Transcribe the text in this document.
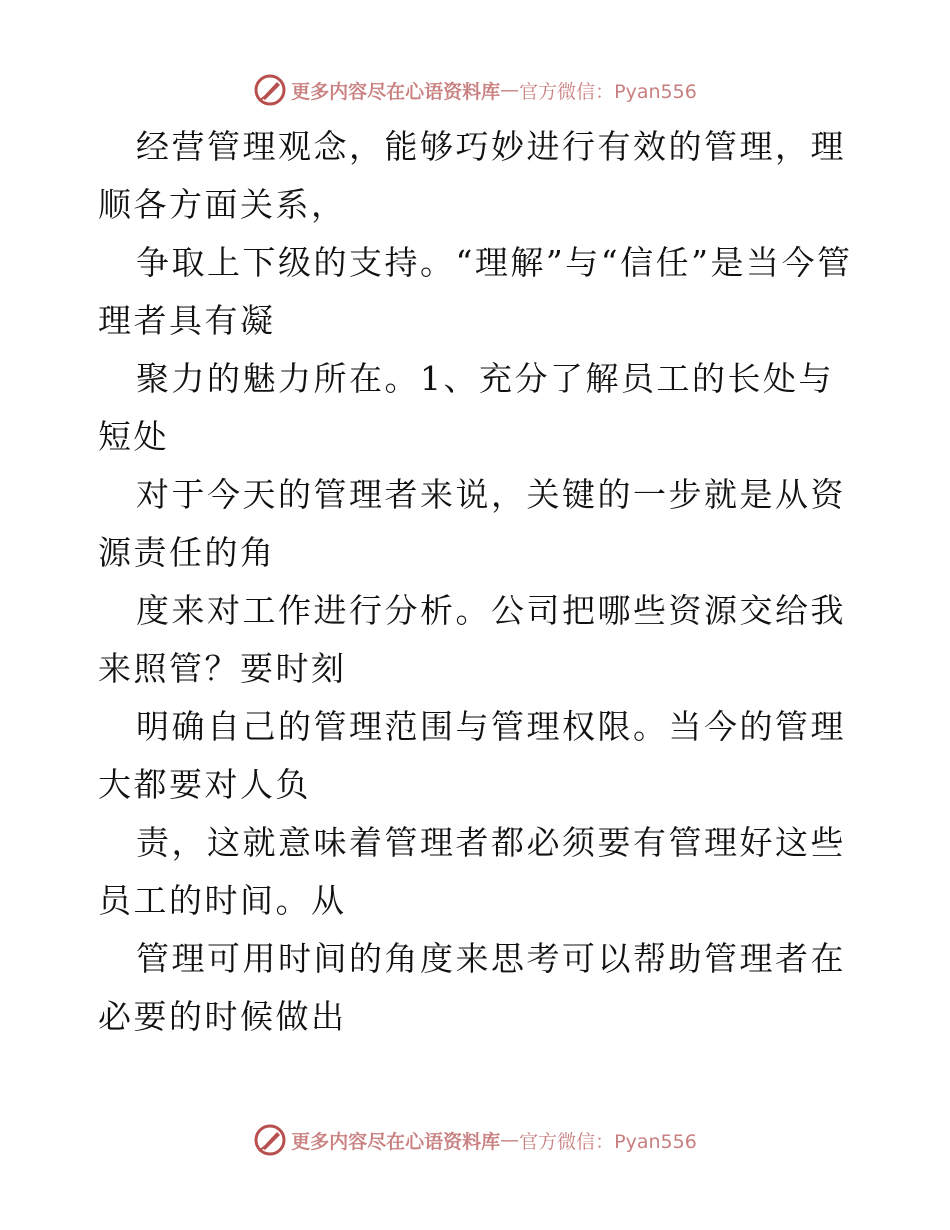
更多内容尽在心语资料库 — 官方微信：Pyan556

经营管理观念，能够巧妙进行有效的管理，理顺各方面关系，

争取上下级的支持。“理解”与“信任”是当今管理者具有凝

聚力的魅力所在。1、充分了解员工的长处与短处

对于今天的管理者来说，关键的一步就是从资源责任的角

度来对工作进行分析。公司把哪些资源交给我来照管？要时刻

明确自己的管理范围与管理权限。当今的管理大都要对人负

责，这就意味着管理者都必须要有管理好这些员工的时间。从

管理可用时间的角度来思考可以帮助管理者在必要的时候做出

更多内容尽在心语资料库 — 官方微信：Pyan556
